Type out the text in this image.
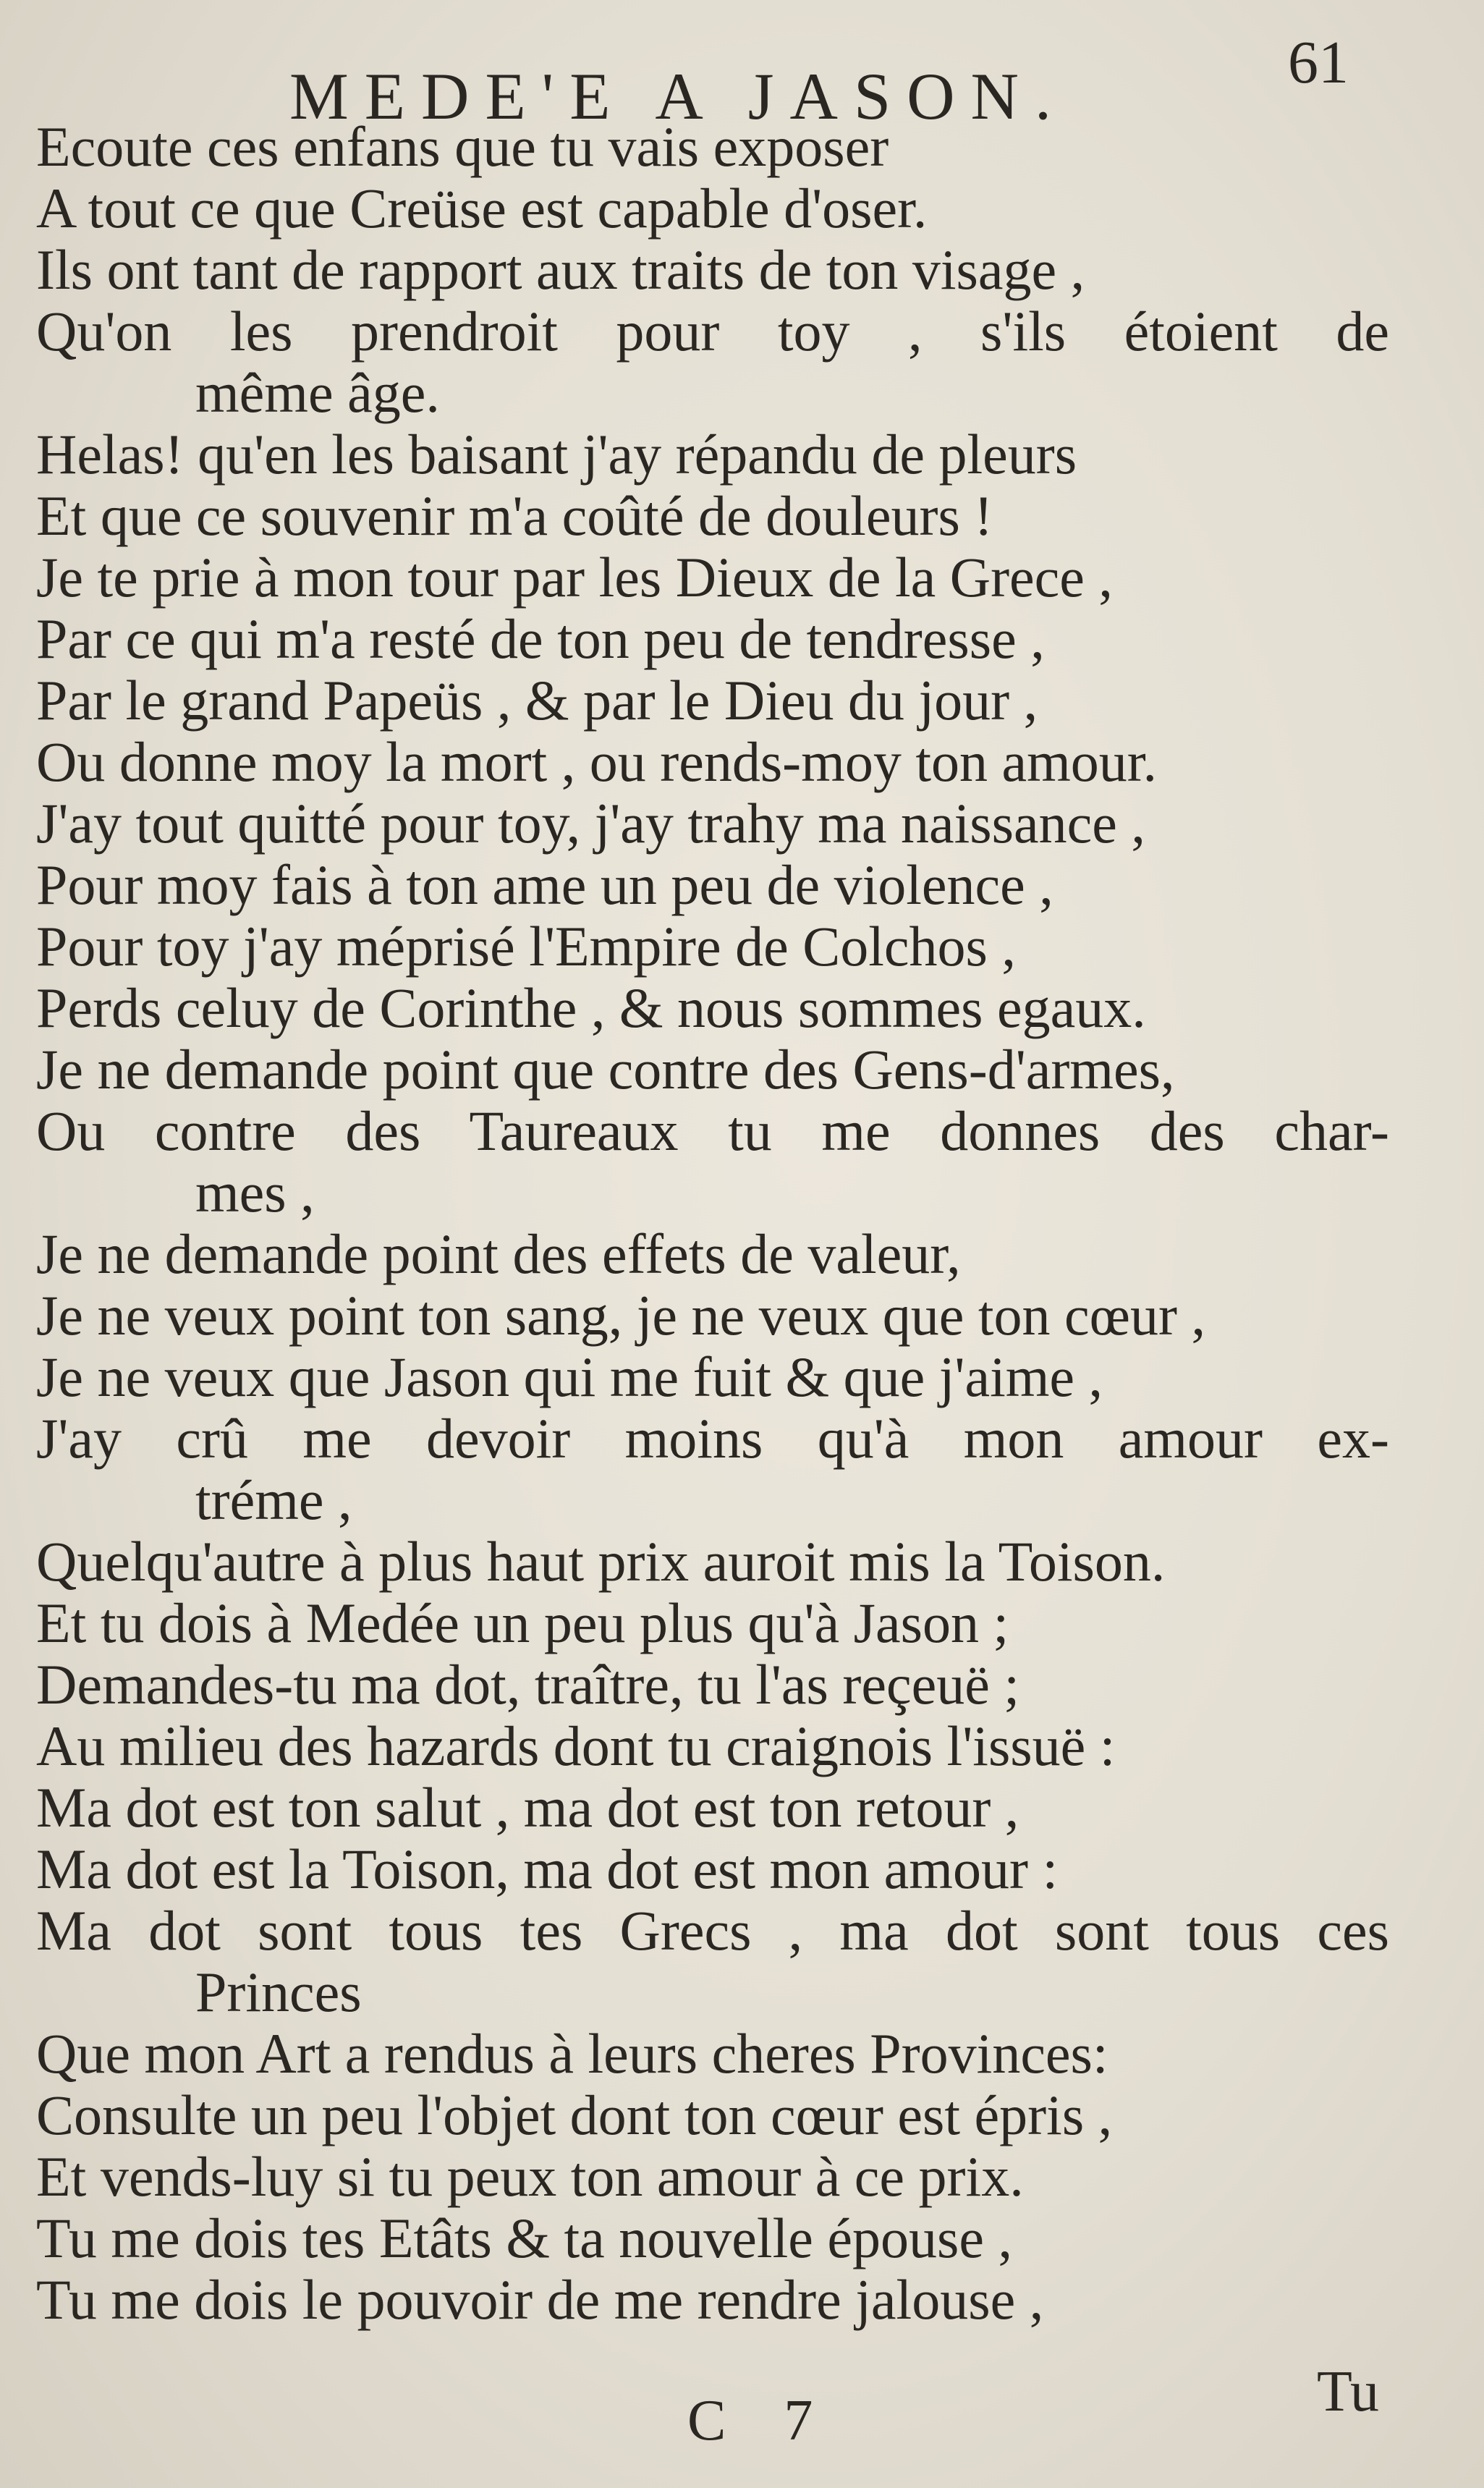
MEDE'E A JASON.	61
Ecoute ces enfans que tu vais exposer
A tout ce que Creüse est capable d'oser.
Ils ont tant de rapport aux traits de ton visage ,
Qu'on les prendroit pour toy , s'ils étoient de
même âge.
Helas! qu'en les baisant j'ay répandu de pleurs
Et que ce souvenir m'a coûté de douleurs !
Je te prie à mon tour par les Dieux de la Grece ,
Par ce qui m'a resté de ton peu de tendresse ,
Par le grand Papeüs , & par le Dieu du jour ,
Ou donne moy la mort , ou rends-moy ton amour.
J'ay tout quitté pour toy, j'ay trahy ma naissance ,
Pour moy fais à ton ame un peu de violence ,
Pour toy j'ay méprisé l'Empire de Colchos ,
Perds celuy de Corinthe , & nous sommes egaux.
Je ne demande point que contre des Gens-d'armes,
Ou contre des Taureaux tu me donnes des char-
mes ,
Je ne demande point des effets de valeur,
Je ne veux point ton sang, je ne veux que ton cœur ,
Je ne veux que Jason qui me fuit & que j'aime ,
J'ay crû me devoir moins qu'à mon amour ex-
tréme ,
Quelqu'autre à plus haut prix auroit mis la Toison.
Et tu dois à Medée un peu plus qu'à Jason ;
Demandes-tu ma dot, traître, tu l'as reçeuë ;
Au milieu des hazards dont tu craignois l'issuë :
Ma dot est ton salut , ma dot est ton retour ,
Ma dot est la Toison, ma dot est mon amour :
Ma dot sont tous tes Grecs , ma dot sont tous ces
Princes
Que mon Art a rendus à leurs cheres Provinces:
Consulte un peu l'objet dont ton cœur est épris ,
Et vends-luy si tu peux ton amour à ce prix.
Tu me dois tes Etâts & ta nouvelle épouse ,
Tu me dois le pouvoir de me rendre jalouse ,
C 7	Tu
